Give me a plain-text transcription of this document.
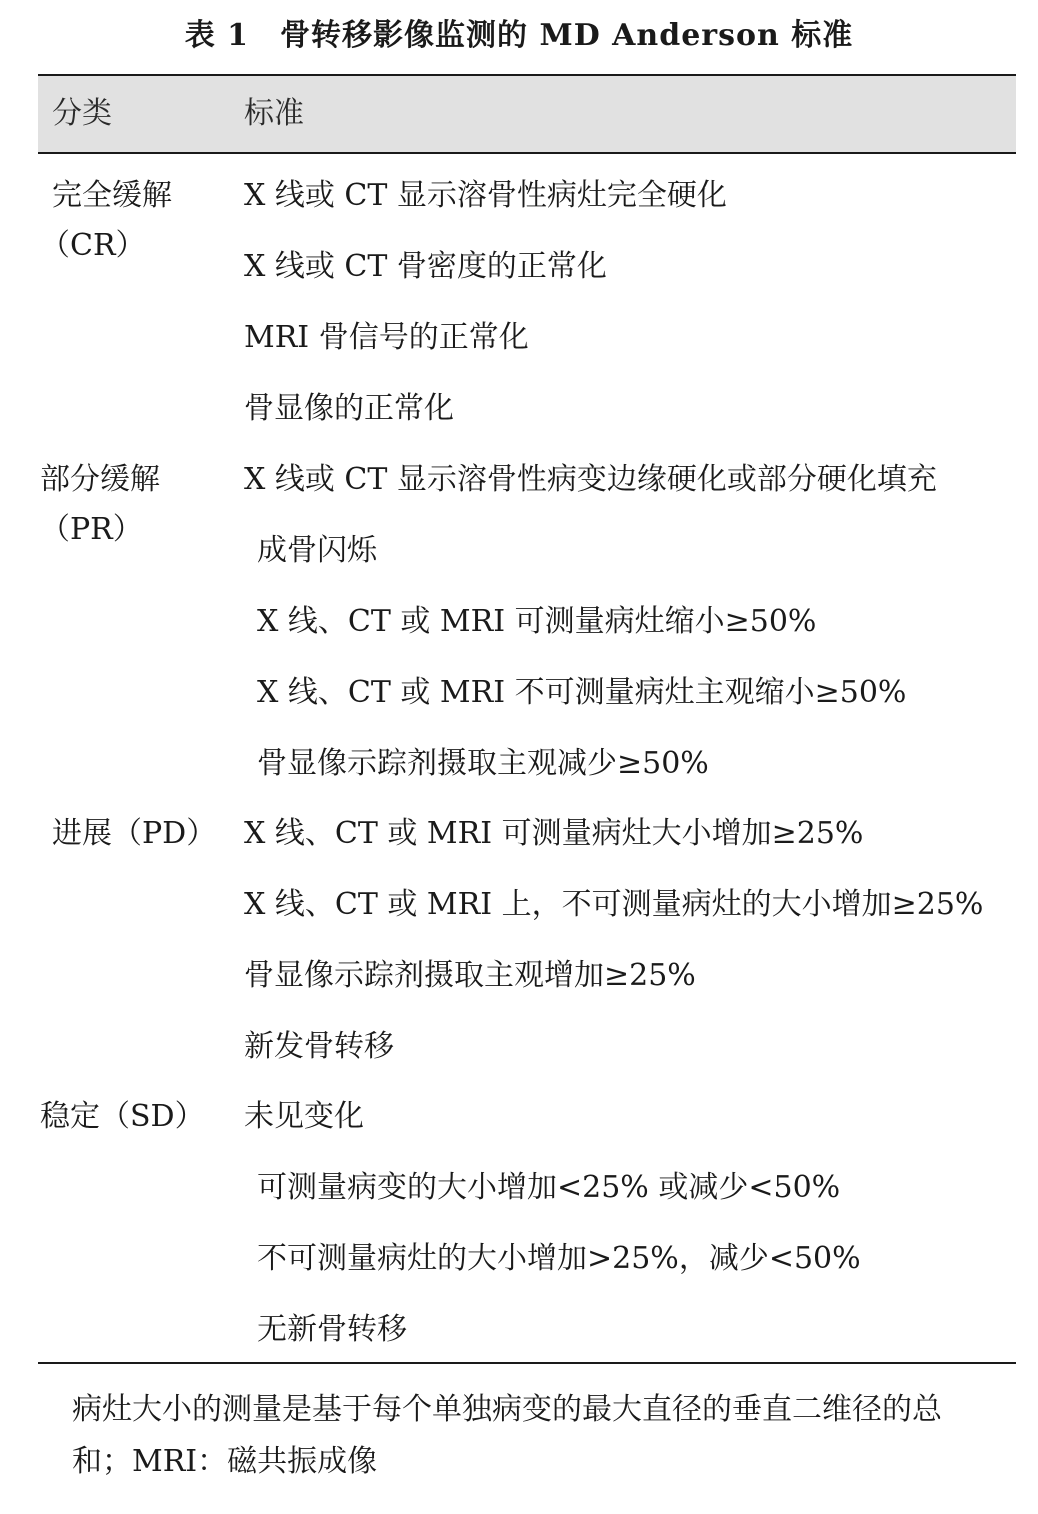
表 1　骨转移影像监测的 MD Anderson 标准
分类	标准
完全缓解
（CR）
X 线或 CT 显示溶骨性病灶完全硬化
X 线或 CT 骨密度的正常化
MRI 骨信号的正常化
骨显像的正常化
部分缓解
（PR）
X 线或 CT 显示溶骨性病变边缘硬化或部分硬化填充
成骨闪烁
X 线、CT 或 MRI 可测量病灶缩小≥50%
X 线、CT 或 MRI 不可测量病灶主观缩小≥50%
骨显像示踪剂摄取主观减少≥50%
进展（PD） X 线、CT 或 MRI 可测量病灶大小增加≥25%
X 线、CT 或 MRI 上，不可测量病灶的大小增加≥25%
骨显像示踪剂摄取主观增加≥25%
新发骨转移
稳定（SD） 未见变化
可测量病变的大小增加<25% 或减少<50%
不可测量病灶的大小增加>25%，减少<50%
无新骨转移
病灶大小的测量是基于每个单独病变的最大直径的垂直二维径的总和；MRI：磁共振成像
